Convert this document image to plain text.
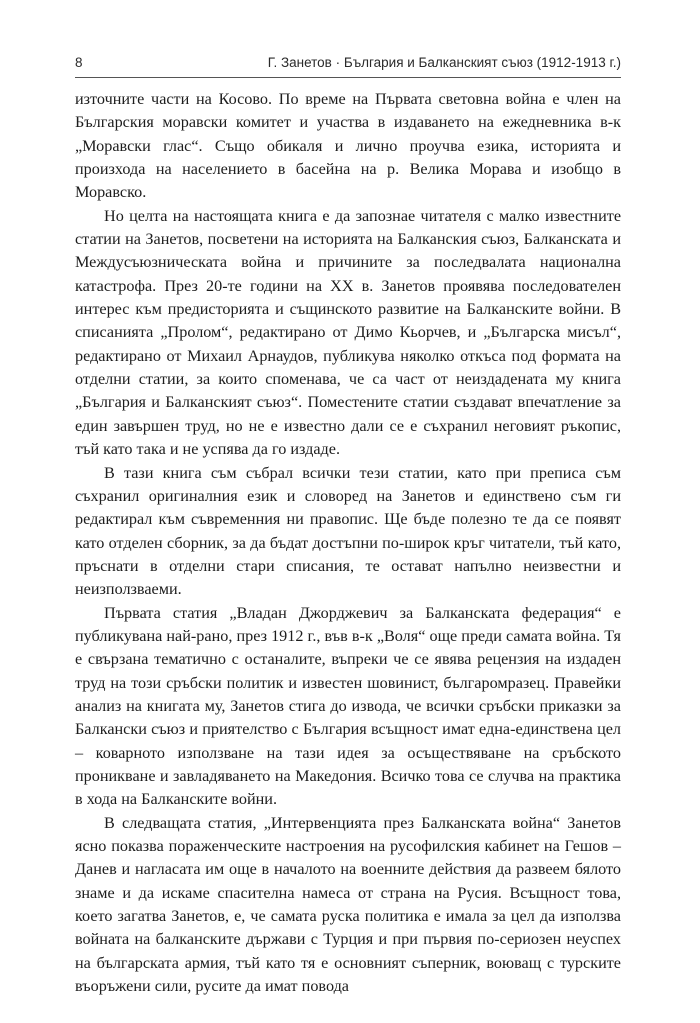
8	Г. Занетов · България и Балканският съюз (1912-1913 г.)

източните части на Косово. По време на Първата световна война е член на Българския моравски комитет и участва в издаването на ежедневника в-к „Моравски глас“. Също обикаля и лично проучва езика, историята и произхода на населението в басейна на р. Велика Морава и изобщо в Моравско.

Но целта на настоящата книга е да запознае читателя с малко известните статии на Занетов, посветени на историята на Балканския съюз, Балканската и Междусъюзническата война и причините за последвалата национална катастрофа. През 20-те години на XX в. Занетов проявява последователен интерес към предисторията и същинското развитие на Балканските войни. В списанията „Пролом“, редактирано от Димо Кьорчев, и „Българска мисъл“, редактирано от Михаил Арнаудов, публикува няколко откъса под формата на отделни статии, за които споменава, че са част от неиздадената му книга „България и Балканският съюз“. Поместените статии създават впечатление за един завършен труд, но не е известно дали се е съхранил неговият ръкопис, тъй като така и не успява да го издаде.

В тази книга съм събрал всички тези статии, като при преписа съм съхранил оригиналния език и словоред на Занетов и единствено съм ги редактирал към съвременния ни правопис. Ще бъде полезно те да се появят като отделен сборник, за да бъдат достъпни по-широк кръг читатели, тъй като, пръснати в отделни стари списания, те остават напълно неизвестни и неизползваеми.

Първата статия „Владан Джорджевич за Балканската федерация“ е публикувана най-рано, през 1912 г., във в-к „Воля“ още преди самата война. Тя е свързана тематично с останалите, въпреки че се явява рецензия на издаден труд на този сръбски политик и известен шовинист, българомразец. Правейки анализ на книгата му, Занетов стига до извода, че всички сръбски приказки за Балкански съюз и приятелство с България всъщност имат една-единствена цел – коварното използване на тази идея за осъществяване на сръбското проникване и завладяването на Македония. Всичко това се случва на практика в хода на Балканските войни.

В следващата статия, „Интервенцията през Балканската война“ Занетов ясно показва пораженческите настроения на русофилския кабинет на Гешов – Данев и нагласата им още в началото на военните действия да развеем бялото знаме и да искаме спасителна намеса от страна на Русия. Всъщност това, което загатва Занетов, е, че самата руска политика е имала за цел да използва войната на балканските държави с Турция и при първия по-сериозен неуспех на българската армия, тъй като тя е основният съперник, воюващ с турските въоръжени сили, русите да имат повода
